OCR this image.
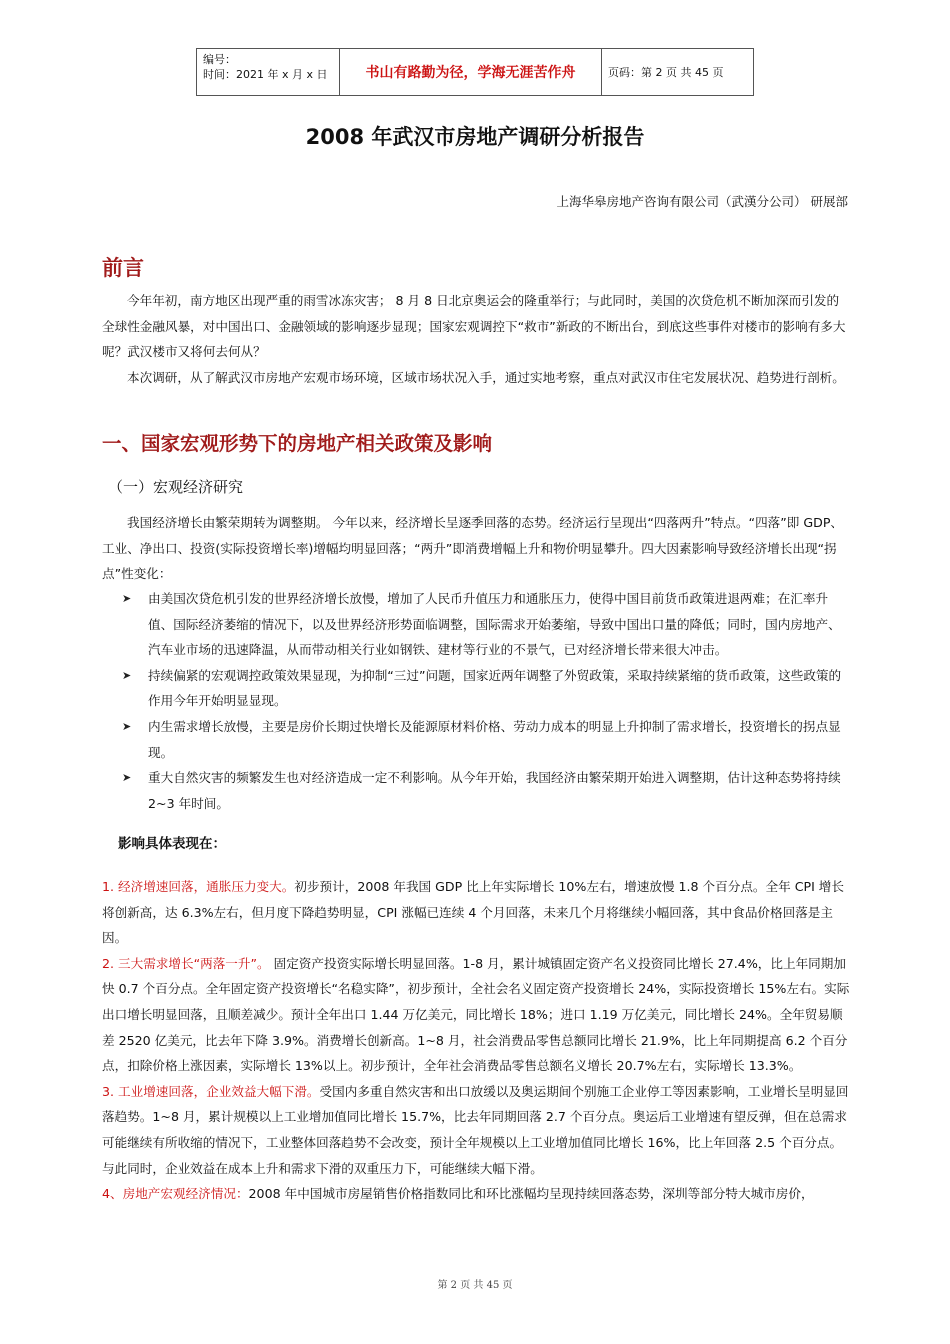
编号：
时间：2021 年 x 月 x 日	书山有路勤为径，学海无涯苦作舟	页码：第 2 页 共 45 页
2008 年武汉市房地产调研分析报告
上海华皋房地产咨询有限公司（武漢分公司） 研展部
前言

今年年初，南方地区出现严重的雨雪冰冻灾害； 8 月 8 日北京奥运会的隆重举行；与此同时，美国的次贷危机不断加深而引发的全球性金融风暴，对中国出口、金融领域的影响逐步显现；国家宏观调控下“救市”新政的不断出台，到底这些事件对楼市的影响有多大呢？武汉楼市又将何去何从？

本次调研，从了解武汉市房地产宏观市场环境，区域市场状况入手，通过实地考察，重点对武汉市住宅发展状况、趋势进行剖析。

一、国家宏观形势下的房地产相关政策及影响
（一）宏观经济研究

我国经济增长由繁荣期转为调整期。 今年以来，经济增长呈逐季回落的态势。经济运行呈现出“四落两升”特点。“四落”即 GDP、工业、净出口、投资(实际投资增长率)增幅均明显回落；“两升”即消费增幅上升和物价明显攀升。四大因素影响导致经济增长出现“拐点”性变化：

➤ 由美国次贷危机引发的世界经济增长放慢，增加了人民币升值压力和通胀压力，使得中国目前货币政策进退两难；在汇率升值、国际经济萎缩的情况下，以及世界经济形势面临调整，国际需求开始萎缩，导致中国出口量的降低；同时，国内房地产、汽车业市场的迅速降温，从而带动相关行业如钢铁、建材等行业的不景气，已对经济增长带来很大冲击。
➤ 持续偏紧的宏观调控政策效果显现，为抑制“三过”问题，国家近两年调整了外贸政策，采取持续紧缩的货币政策，这些政策的作用今年开始明显显现。
➤ 内生需求增长放慢，主要是房价长期过快增长及能源原材料价格、劳动力成本的明显上升抑制了需求增长，投资增长的拐点显现。
➤ 重大自然灾害的频繁发生也对经济造成一定不利影响。从今年开始，我国经济由繁荣期开始进入调整期，估计这种态势将持续 2~3 年时间。
影响具体表现在：

1. 经济增速回落，通胀压力变大。初步预计，2008 年我国 GDP 比上年实际增长 10%左右，增速放慢 1.8 个百分点。全年 CPI 增长将创新高，达 6.3%左右，但月度下降趋势明显，CPI 涨幅已连续 4 个月回落，未来几个月将继续小幅回落，其中食品价格回落是主因。

2. 三大需求增长“两落一升”。 固定资产投资实际增长明显回落。1-8 月，累计城镇固定资产名义投资同比增长 27.4%，比上年同期加快 0.7 个百分点。全年固定资产投资增长“名稳实降”，初步预计，全社会名义固定资产投资增长 24%，实际投资增长 15%左右。实际出口增长明显回落，且顺差减少。预计全年出口 1.44 万亿美元，同比增长 18%；进口 1.19 万亿美元，同比增长 24%。全年贸易顺差 2520 亿美元，比去年下降 3.9%。消费增长创新高。1~8 月，社会消费品零售总额同比增长 21.9%，比上年同期提高 6.2 个百分点，扣除价格上涨因素，实际增长 13%以上。初步预计，全年社会消费品零售总额名义增长 20.7%左右，实际增长 13.3%。

3. 工业增速回落，企业效益大幅下滑。受国内多重自然灾害和出口放缓以及奥运期间个别施工企业停工等因素影响，工业增长呈明显回落趋势。1~8 月，累计规模以上工业增加值同比增长 15.7%，比去年同期回落 2.7 个百分点。奥运后工业增速有望反弹，但在总需求可能继续有所收缩的情况下，工业整体回落趋势不会改变，预计全年规模以上工业增加值同比增长 16%，比上年回落 2.5 个百分点。与此同时，企业效益在成本上升和需求下滑的双重压力下，可能继续大幅下滑。

4、房地产宏观经济情况：2008 年中国城市房屋销售价格指数同比和环比涨幅均呈现持续回落态势，深圳等部分特大城市房价，

第 2 页 共 45 页
